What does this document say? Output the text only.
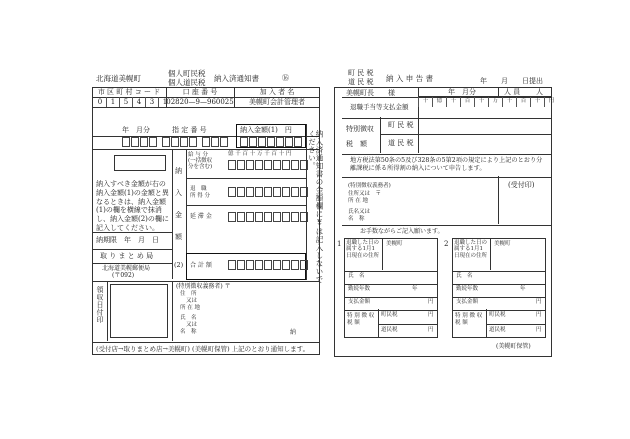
北海道美幌町
個人町民税
個人道民税 納入済通知書	⑯
市 区 町 村 コ ー ド	口 座 番 号	加 入 者 名
0	1	5	4	3	1 02820—9—960025	美幌町会計管理者
年　月分	指 定 番 号	納入金額(1)　円
納
入
金
額
(2)
給 与 分
(一括徴収
分を含む)
億 千 百 十 万 千 百 十 円
退　職
所 得 分
延 滞 金
合 計 額	納入済通知書の金額欄に¥は記入しないでください。
納入すべき金額が右の納入金額(1)の金額と異なるときは、納入金額(1)の欄を横線で抹消し、納入金額(2)の欄に記入してください。
納期限 年　月　日
取 り ま と め 局
北海道美幌郵便局
(〒092)
領収日付印	(特別徴収義務者) 〒
住　所
又は
所 在 地
氏　名
又は
名　称	納
(受付店→取りまとめ店→美幌町) (美幌町保管) 上記のとおり通知します。
町 民 税
道 民 税 納 入 申 告 書	年　　月　　日提出
美幌町長　　様	年　月分	人 員 人
退職手当等支払金額
十	億	千	百	十	万	千	百	十	円
特別徴収
税　額
町 民 税
道 民 税
地方税法第50条の5及び328条の5第2項の規定により上記のとおり分離課税に係る所得割の納入について申告します。
(特別徴収義務者)
住所又は　〒
所 在 地
氏名又は
名　称
(受付印)
お手数ながらご記入願います。
1 退職した日の属する1月1日現在の住所
美幌町
氏　名
勤続年数	年
支払金額	円
特 別 徴 収 税 額
町民税	円
道民税	円
2 退職した日の属する1月1日現在の住所
美幌町
氏　名
勤続年数	年
支払金額	円
特 別 徴 収 税 額
町民税	円
道民税	円
(美幌町保管)
